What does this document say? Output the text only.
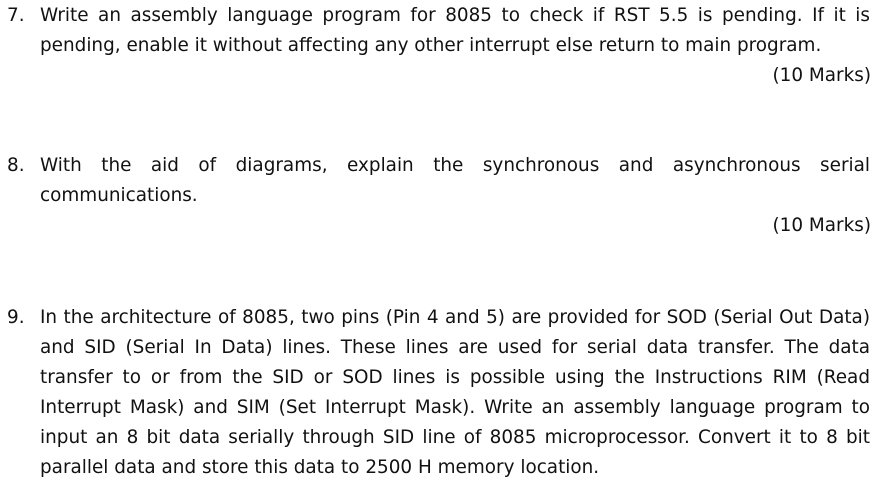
7. Write an assembly language program for 8085 to check if RST 5.5 is pending. If it is pending, enable it without affecting any other interrupt else return to main program.
(10 Marks)
8. With the aid of diagrams, explain the synchronous and asynchronous serial communications.
(10 Marks)
9. In the architecture of 8085, two pins (Pin 4 and 5) are provided for SOD (Serial Out Data) and SID (Serial In Data) lines. These lines are used for serial data transfer. The data transfer to or from the SID or SOD lines is possible using the Instructions RIM (Read Interrupt Mask) and SIM (Set Interrupt Mask). Write an assembly language program to input an 8 bit data serially through SID line of 8085 microprocessor. Convert it to 8 bit parallel data and store this data to 2500 H memory location.
